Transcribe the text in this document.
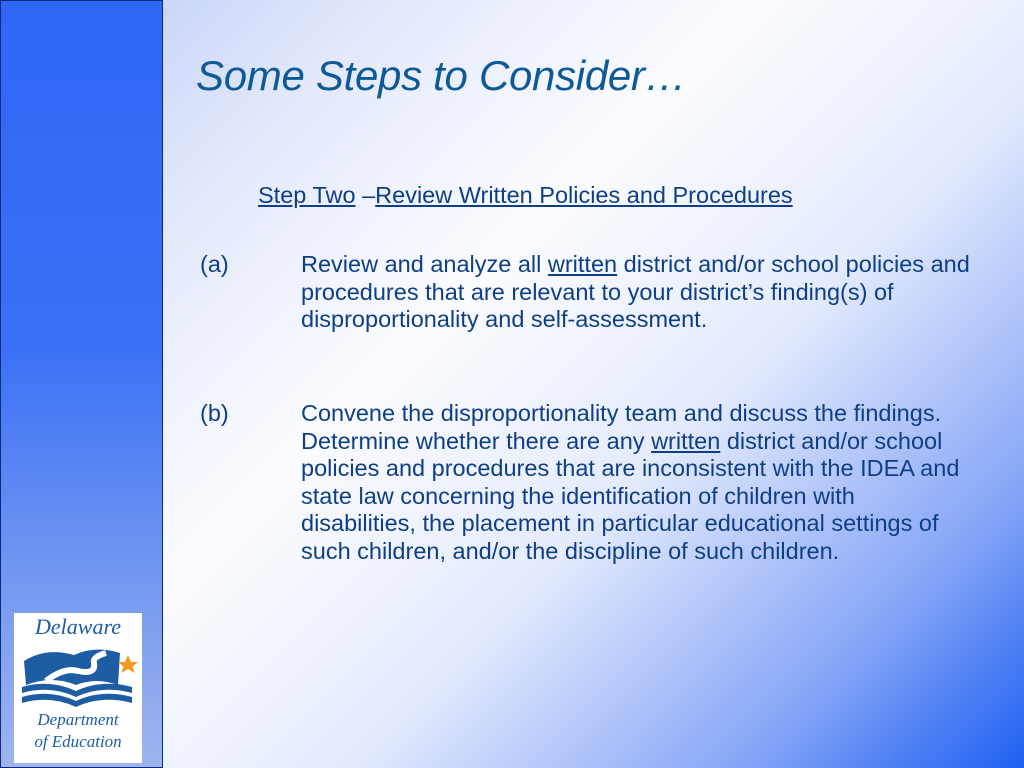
Delaware
Department
of Education
Some Steps to Consider…

Step Two –Review Written Policies and Procedures

(a)	Review and analyze all written district and/or school policies and procedures that are relevant to your district’s finding(s) of disproportionality and self-assessment.
(b)	Convene the disproportionality team and discuss the findings. Determine whether there are any written district and/or school policies and procedures that are inconsistent with the IDEA and state law concerning the identification of children with disabilities, the placement in particular educational settings of such children, and/or the discipline of such children.
